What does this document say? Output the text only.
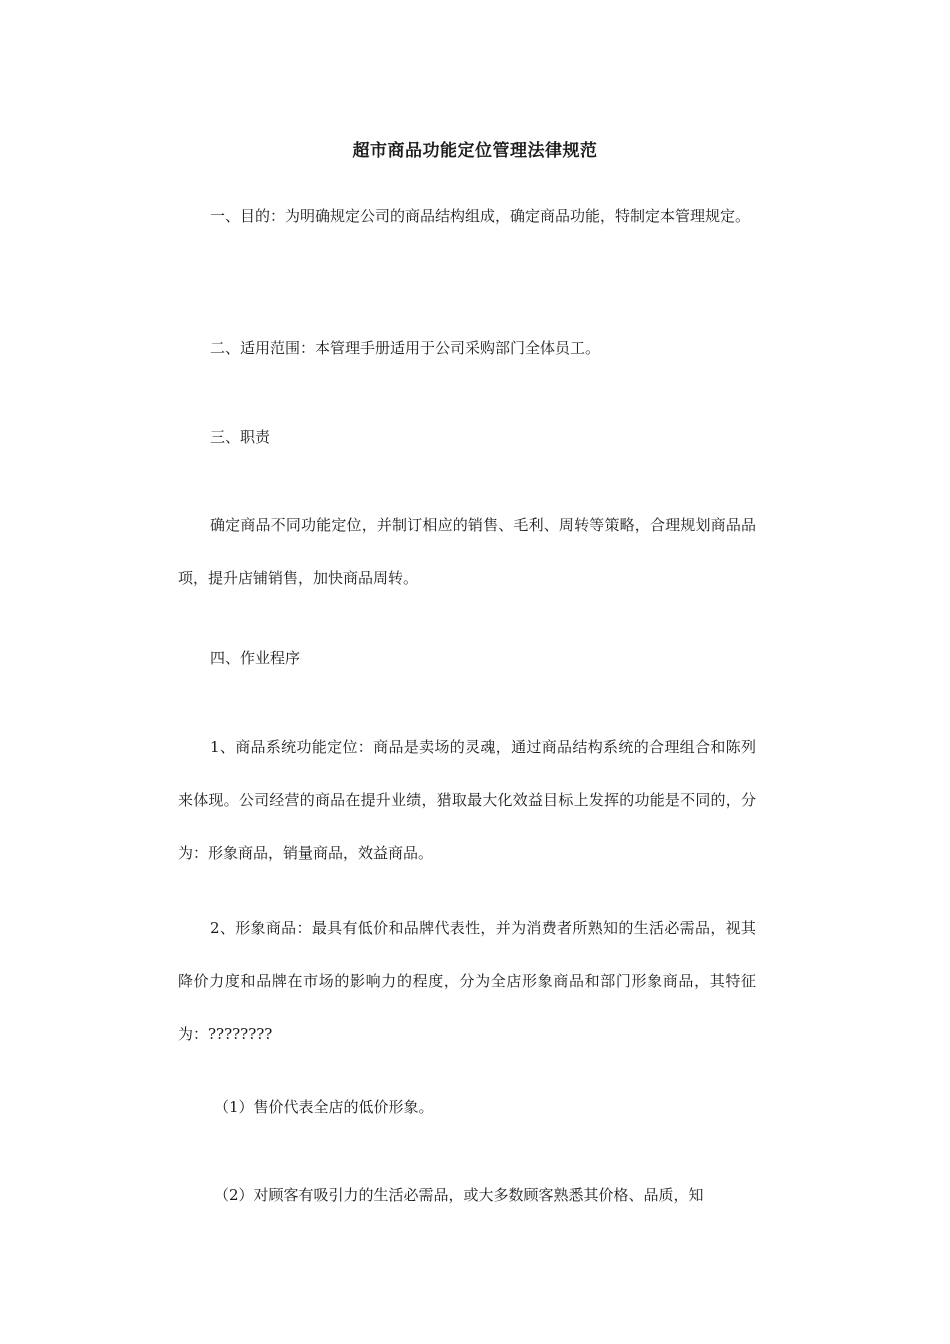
超市商品功能定位管理法律规范

一、目的：为明确规定公司的商品结构组成，确定商品功能，特制定本管理规定。

二、适用范围：本管理手册适用于公司采购部门全体员工。

三、职责

确定商品不同功能定位，并制订相应的销售、毛利、周转等策略，合理规划商品品项，提升店铺销售，加快商品周转。

四、作业程序

1、商品系统功能定位：商品是卖场的灵魂，通过商品结构系统的合理组合和陈列来体现。公司经营的商品在提升业绩，猎取最大化效益目标上发挥的功能是不同的，分为：形象商品，销量商品，效益商品。

2、形象商品：最具有低价和品牌代表性，并为消费者所熟知的生活必需品，视其降价力度和品牌在市场的影响力的程度，分为全店形象商品和部门形象商品，其特征为：????????

（1）售价代表全店的低价形象。

（2）对顾客有吸引力的生活必需品，或大多数顾客熟悉其价格、品质，知
